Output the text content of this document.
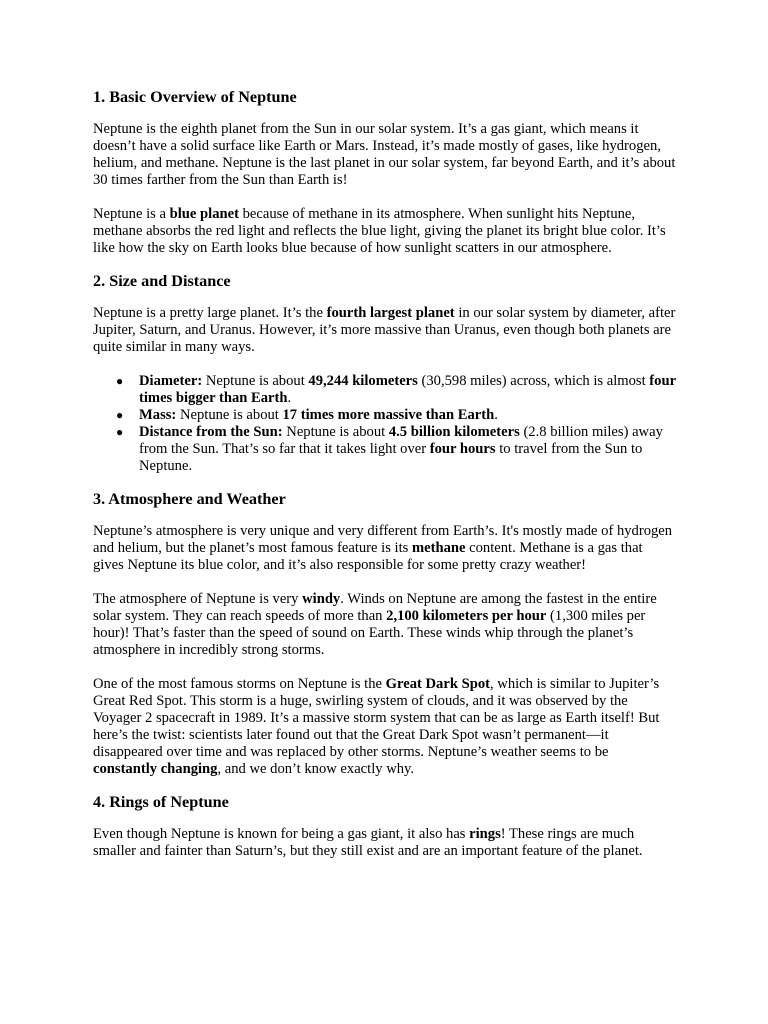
1. Basic Overview of Neptune

Neptune is the eighth planet from the Sun in our solar system. It’s a gas giant, which means it doesn’t have a solid surface like Earth or Mars. Instead, it’s made mostly of gases, like hydrogen, helium, and methane. Neptune is the last planet in our solar system, far beyond Earth, and it’s about 30 times farther from the Sun than Earth is!

Neptune is a blue planet because of methane in its atmosphere. When sunlight hits Neptune, methane absorbs the red light and reflects the blue light, giving the planet its bright blue color. It’s like how the sky on Earth looks blue because of how sunlight scatters in our atmosphere.

2. Size and Distance

Neptune is a pretty large planet. It’s the fourth largest planet in our solar system by diameter, after Jupiter, Saturn, and Uranus. However, it’s more massive than Uranus, even though both planets are quite similar in many ways.

● Diameter: Neptune is about 49,244 kilometers (30,598 miles) across, which is almost four times bigger than Earth.
● Mass: Neptune is about 17 times more massive than Earth.
● Distance from the Sun: Neptune is about 4.5 billion kilometers (2.8 billion miles) away from the Sun. That’s so far that it takes light over four hours to travel from the Sun to Neptune.
3. Atmosphere and Weather

Neptune’s atmosphere is very unique and very different from Earth’s. It's mostly made of hydrogen and helium, but the planet’s most famous feature is its methane content. Methane is a gas that gives Neptune its blue color, and it’s also responsible for some pretty crazy weather!

The atmosphere of Neptune is very windy. Winds on Neptune are among the fastest in the entire solar system. They can reach speeds of more than 2,100 kilometers per hour (1,300 miles per hour)! That’s faster than the speed of sound on Earth. These winds whip through the planet’s atmosphere in incredibly strong storms.

One of the most famous storms on Neptune is the Great Dark Spot, which is similar to Jupiter’s Great Red Spot. This storm is a huge, swirling system of clouds, and it was observed by the Voyager 2 spacecraft in 1989. It’s a massive storm system that can be as large as Earth itself! But here’s the twist: scientists later found out that the Great Dark Spot wasn’t permanent—it disappeared over time and was replaced by other storms. Neptune’s weather seems to be constantly changing, and we don’t know exactly why.

4. Rings of Neptune

Even though Neptune is known for being a gas giant, it also has rings! These rings are much smaller and fainter than Saturn’s, but they still exist and are an important feature of the planet.
